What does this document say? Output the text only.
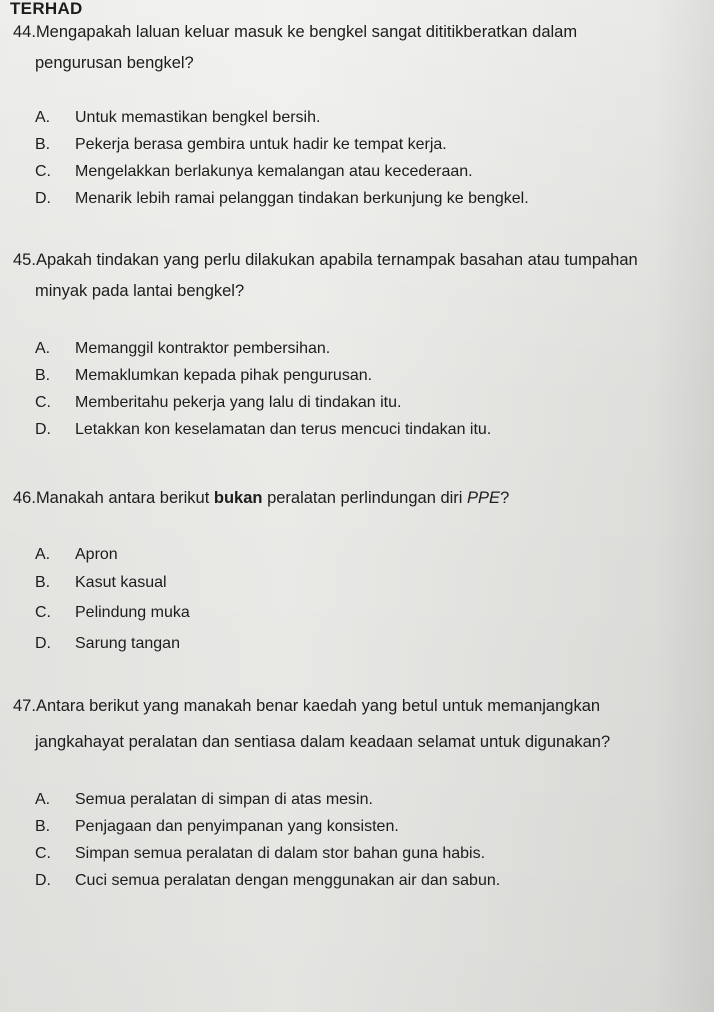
TERHAD

44.Mengapakah laluan keluar masuk ke bengkel sangat dititikberatkan dalam
pengurusan bengkel?

A.	Untuk memastikan bengkel bersih.
B.	Pekerja berasa gembira untuk hadir ke tempat kerja.
C.	Mengelakkan berlakunya kemalangan atau kecederaan.
D.	Menarik lebih ramai pelanggan tindakan berkunjung ke bengkel.

45.Apakah tindakan yang perlu dilakukan apabila ternampak basahan atau tumpahan
minyak pada lantai bengkel?

A.	Memanggil kontraktor pembersihan.
B.	Memaklumkan kepada pihak pengurusan.
C.	Memberitahu pekerja yang lalu di tindakan itu.
D.	Letakkan kon keselamatan dan terus mencuci tindakan itu.

46.Manakah antara berikut bukan peralatan perlindungan diri PPE?

A.	Apron
B.	Kasut kasual
C.	Pelindung muka
D.	Sarung tangan

47.Antara berikut yang manakah benar kaedah yang betul untuk memanjangkan
jangkahayat peralatan dan sentiasa dalam keadaan selamat untuk digunakan?

A.	Semua peralatan di simpan di atas mesin.
B.	Penjagaan dan penyimpanan yang konsisten.
C.	Simpan semua peralatan di dalam stor bahan guna habis.
D.	Cuci semua peralatan dengan menggunakan air dan sabun.
